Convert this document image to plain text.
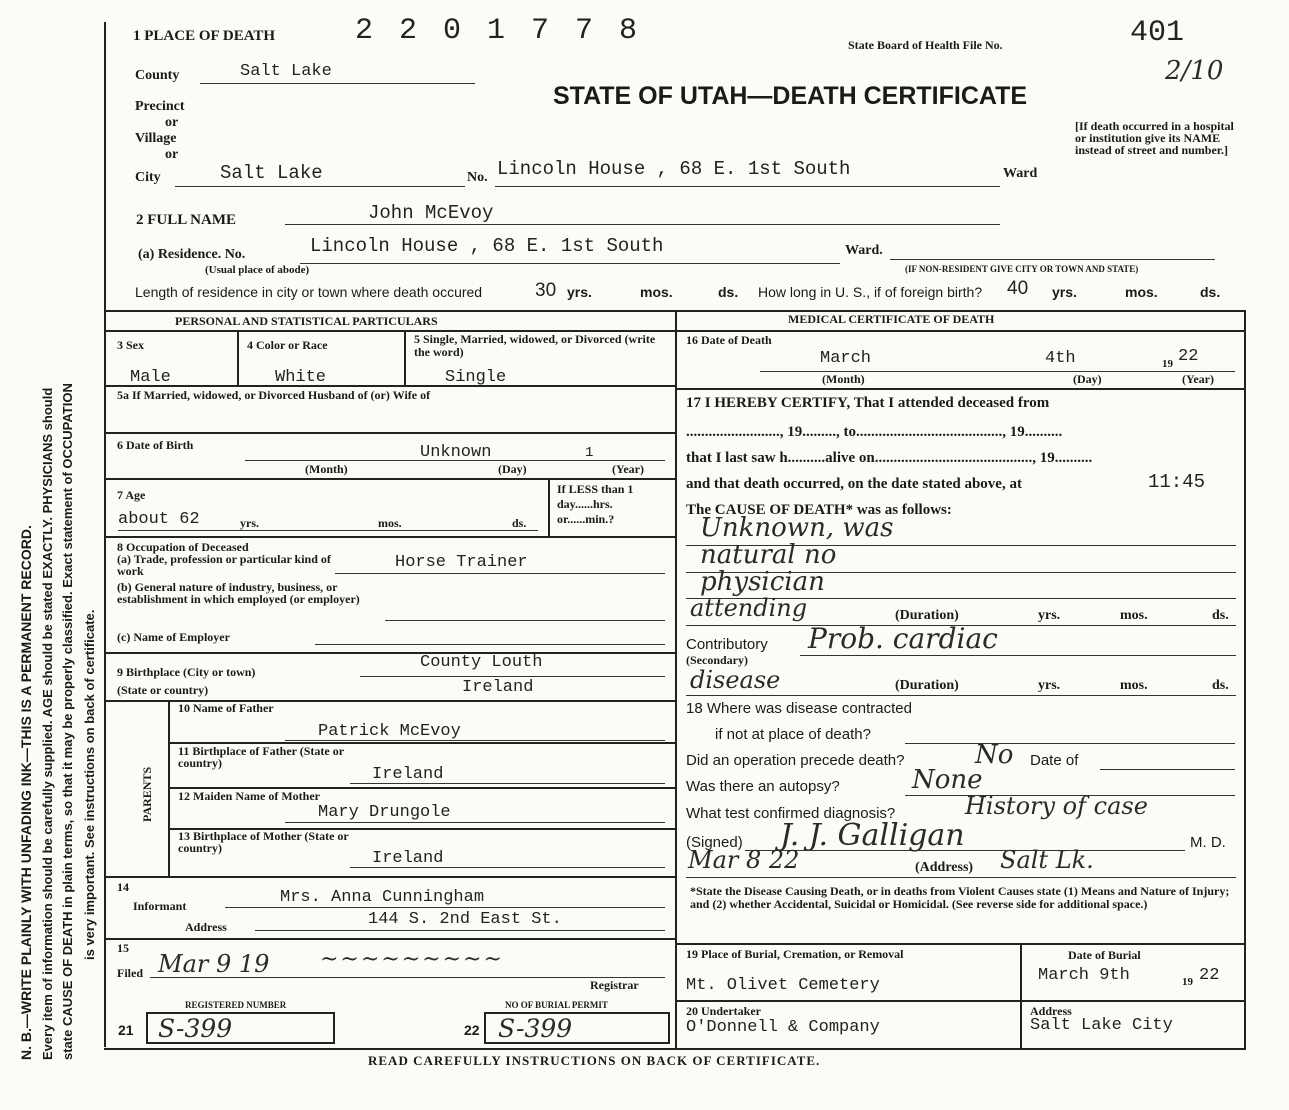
N. B.—WRITE PLAINLY WITH UNFADING INK—THIS IS A PERMANENT RECORD. Every item of information should be carefully supplied. AGE should be stated EXACTLY. PHYSICIANS should state CAUSE OF DEATH in plain terms, so that it may be properly classified. Exact statement of OCCUPATION is very important. See instructions on back of certificate.
1 PLACE OF DEATH	2 2 0 1 7 7 8	State Board of Health File No.	401
2/10
STATE OF UTAH—DEATH CERTIFICATE
[If death occurred in a hospital or institution give its NAME instead of street and number.]
County	Salt Lake
Precinct
or
Village
or
City	Salt Lake	No. Lincoln House , 68 E. 1st South	Ward
2 FULL NAME	John McEvoy
(a) Residence. No.	Lincoln House , 68 E. 1st South	Ward.
(Usual place of abode)	(IF NON-RESIDENT GIVE CITY OR TOWN AND STATE)
Length of residence in city or town where death occured	30 yrs.	mos.	ds. How long in U. S., if of foreign birth? 40 yrs.	mos.	ds.
PERSONAL AND STATISTICAL PARTICULARS
3 Sex
Male
4 Color or Race
White
5 Single, Married, widowed, or Divorced (write the word)
Single
5a If Married, widowed, or Divorced Husband of (or) Wife of
6 Date of Birth	Unknown	1
(Month)	(Day)	(Year)
7 Age
about 62	yrs.	mos.	ds.
If LESS than 1 day......hrs. or......min.?
8 Occupation of Deceased
(a) Trade, profession or particular kind of work	Horse Trainer
(b) General nature of industry, business, or establishment in which employed (or employer)
(c) Name of Employer
9 Birthplace (City or town)	County Louth
(State or country)	Ireland
PARENTS
10 Name of Father
Patrick McEvoy
11 Birthplace of Father (State or country)
Ireland
12 Maiden Name of Mother
Mary Drungole
13 Birthplace of Mother (State or country)
Ireland
14
Informant	Mrs. Anna Cunningham
Address	144 S. 2nd East St.
15
Filed Mar 9 19 ~~~~~~~~~
Registrar
REGISTERED NUMBER	NO OF BURIAL PERMIT
21 S-399	22 S-399
MEDICAL CERTIFICATE OF DEATH
16 Date of Death
March	4th	19 22
(Month)	(Day)	(Year)
17 I HEREBY CERTIFY, That I attended deceased from
........................., 19........., to......................................., 19..........
that I last saw h..........alive on.........................................., 19..........
and that death occurred, on the date stated above, at	11:45
The CAUSE OF DEATH* was as follows:
Unknown, was
natural no
physician
attending	(Duration)	yrs.	mos.	ds.
Contributory
(Secondary)
Prob. cardiac
disease	(Duration)	yrs.	mos.	ds.
18 Where was disease contracted
if not at place of death?
Did an operation precede death?	No Date of
Was there an autopsy?	None
What test confirmed diagnosis?	History of case
(Signed) J. J. Galligan	M. D.
Mar 8 22	(Address) Salt Lk.
*State the Disease Causing Death, or in deaths from Violent Causes state (1) Means and Nature of Injury; and (2) whether Accidental, Suicidal or Homicidal. (See reverse side for additional space.)
19 Place of Burial, Cremation, or Removal
Mt. Olivet Cemetery
Date of Burial
March 9th	19 22
20 Undertaker
O'Donnell & Company
Address
Salt Lake City
READ CAREFULLY INSTRUCTIONS ON BACK OF CERTIFICATE.
